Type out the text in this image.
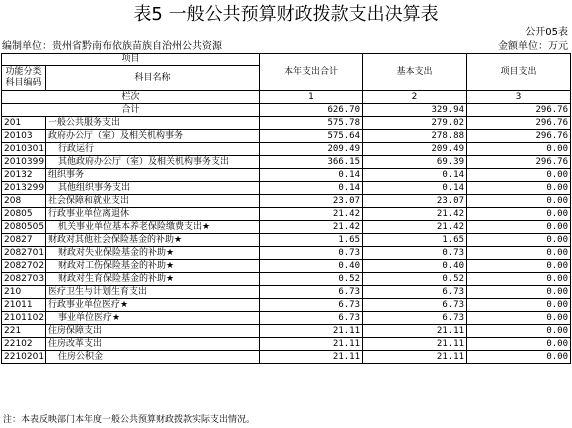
表5 一般公共预算财政拨款支出决算表
公开05表
编制单位：贵州省黔南布依族苗族自治州公共资源	金额单位：万元
项目		本年支出合计	基本支出	项目支出
功能分类科目编码	科目名称			

栏次		1	2	3
合计		626.70	329.94	296.76
201	一般公共服务支出	575.78	279.02	296.76
20103	政府办公厅（室）及相关机构事务	575.64	278.88	296.76
2010301	行政运行	209.49	209.49	0.00
2010399	其他政府办公厅（室）及相关机构事务支出	366.15	69.39	296.76
20132	组织事务	0.14	0.14	0.00
2013299	其他组织事务支出	0.14	0.14	0.00
208	社会保障和就业支出	23.07	23.07	0.00
20805	行政事业单位离退休	21.42	21.42	0.00
2080505	机关事业单位基本养老保险缴费支出★	21.42	21.42	0.00
20827	财政对其他社会保险基金的补助★	1.65	1.65	0.00
2082701	财政对失业保险基金的补助★	0.73	0.73	0.00
2082702	财政对工伤保险基金的补助★	0.40	0.40	0.00
2082703	财政对生育保险基金的补助★	0.52	0.52	0.00
210	医疗卫生与计划生育支出	6.73	6.73	0.00
21011	行政事业单位医疗★	6.73	6.73	0.00
2101102	事业单位医疗★	6.73	6.73	0.00
221	住房保障支出	21.11	21.11	0.00
22102	住房改革支出	21.11	21.11	0.00
2210201	住房公积金	21.11	21.11	0.00
注：本表反映部门本年度一般公共预算财政拨款实际支出情况。
